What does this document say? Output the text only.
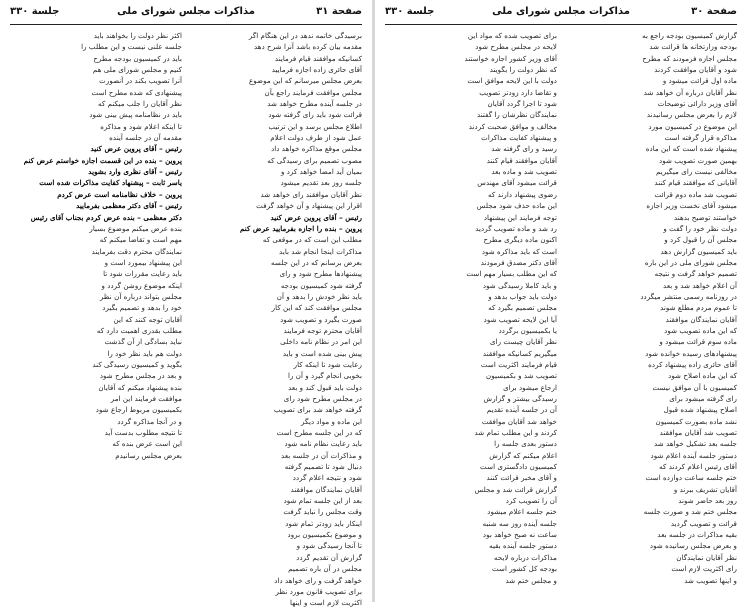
صفحة ٣١
مذاكرات مجلس شورای ملی
جلسة ٣٣٠
برسیدگی خاتمه ندهد در این هنگام اگر
مقدمه بیان کرده باشد آنرا شرح دهد
کسانیکه موافقند قیام فرمایند
آقای حائری زاده اجازه فرمایید
بعرض مجلس میرسانم که این موضوع
مجلس موافقت فرمایند راجع بآن
در جلسه آینده مطرح خواهد شد
قرائت شود باید رای گرفته شود
اطلاع مجلس برسد و این ترتیب
عمل شود از طرف دولت اعلام
مجلس موقع مذاکره خواهد داد
مصوب تصمیم برای رسیدگی که
بمیان آید امضا خواهد کرد و
جلسه روز بعد تقدیم میشود
نظر آقایان موافقند رای خواهد شد
اقرار این پیشنهاد و آن خواهد گرفت
رئیس – آقای پروین عرض کنید
پروین – بنده را اجازه بفرمایید عرض کنم
مطلب این است که در موقعی که
مذاکرات اینجا انجام شد باید
بعرض برسانم که در این جلسه
پیشنهادها مطرح شود و رای
گرفته شود کمیسیون بودجه
باید نظر خودش را بدهد و آن
مجلس موافقت کند که این کار
صورت بگیرد و تصویب شود
آقایان محترم توجه فرمایند
این امر در نظام نامه داخلی
پیش بینی شده است و باید
رعایت شود تا اینکه کار
بخوبی انجام گیرد و آن را
دولت باید قبول کند و بعد
در مجلس مطرح شود رای
گرفته خواهد شد برای تصویب
این ماده و مواد دیگر
که در این جلسه مطرح است
باید رعایت نظام نامه شود
و مذاکرات آن در جلسه بعد
دنبال شود تا تصمیم گرفته
شود و نتیجه اعلام گردد
آقایان نمایندگان موافقند
بعد از این جلسه تمام شود
وقت مجلس را نباید گرفت
اینکار باید زودتر تمام شود
و موضوع بکمیسیون برود
تا آنجا رسیدگی شود و
گزارش آن تقدیم گردد
مجلس در آن باره تصمیم
خواهد گرفت و رای خواهد داد
برای تصویب قانون مورد نظر
اکثریت لازم است و اینها
اکثر نظر دولت را بخواهند باید
جلسه علنی نیست و این مطلب را
باید در کمیسیون بودجه مطرح
کنیم و مجلس شورای ملی هم
آنرا تصویب بکند در آنصورت
پیشنهادی که شده مطرح است
نظر آقایان را جلب میکنم که
باید در نظامنامه پیش بینی شود
تا اینکه اعلام شود و مذاکره
مقدمه آن در جلسه آینده
رئیس – آقای پروین عرض کنید
پروین – بنده در این قسمت اجازه خواستم عرض کنم
رئیس – آقای نظری وارد بشوید
یاسر ثابت – پیشنهاد کفایت مذاکرات شده است
پروین – خلاف نظامنامه است عرض کردم
رئیس – آقای دکتر معظمی بفرمایید
دکتر معظمی – بنده عرض کردم بجناب آقای رئیس
بنده عرض میکنم موضوع بسیار
مهم است و تقاضا میکنم که
نمایندگان محترم دقت بفرمایند
این پیشنهاد بیمورد است و
باید رعایت مقررات شود تا
اینکه موضوع روشن گردد و
مجلس بتواند درباره آن نظر
خود را بدهد و تصمیم بگیرد
آقایان توجه کنند که این
مطلب بقدری اهمیت دارد که
نباید بسادگی از آن گذشت
دولت هم باید نظر خود را
بگوید و کمیسیون رسیدگی کند
و بعد در مجلس مطرح شود
بنده پیشنهاد میکنم که آقایان
موافقت فرمایند این امر
بکمیسیون مربوط ارجاع شود
و در آنجا مذاکره گردد
تا نتیجه مطلوب بدست آید
این است عرض بنده که
بعرض مجلس رسانیدم
صفحة ٣٠
مذاکرات مجلس شورای ملی
جلسة ٣٣٠
گزارش کمیسیون بودجه راجع به
بودجه وزارتخانه ها قرائت شد
مجلس اجازه فرمودند که مطرح
شود و آقایان موافقت کردند
ماده اول قرائت میشود و
نظر آقایان درباره آن خواهد شد
آقای وزیر دارائی توضیحات
لازم را بعرض مجلس رسانیدند
این موضوع در کمیسیون مورد
مذاکره قرار گرفته است
پیشنهاد شده است که این ماده
بهمین صورت تصویب شود
مخالفی نیست رای میگیریم
آقایانی که موافقند قیام کنند
تصویب شد ماده دوم قرائت
میشود آقای نخست وزیر اجازه
خواستند توضیح بدهند
دولت نظر خود را گفت و
مجلس آن را قبول کرد و
باید کمیسیون گزارش دهد
مجلس شورای ملی در این باره
تصمیم خواهد گرفت و نتیجه
آن اعلام خواهد شد و بعد
در روزنامه رسمی منتشر میگردد
تا عموم مردم مطلع شوند
آقایان نمایندگان موافقند
که این ماده تصویب شود
ماده سوم قرائت میشود و
پیشنهادهای رسیده خوانده شود
آقای حائری زاده پیشنهاد کرده
که این ماده اصلاح شود
کمیسیون با آن موافق نیست
رای گرفته میشود برای
اصلاح پیشنهاد شده قبول
نشد ماده بصورت کمیسیون
تصویب شد آقایان موافقند
جلسه بعد تشکیل خواهد شد
دستور جلسه آینده اعلام شود
آقای رئیس اعلام کردند که
ختم جلسه ساعت دوازده است
آقایان تشریف ببرند و
روز بعد حاضر شوند
مجلس ختم شد و صورت جلسه
قرائت و تصویب گردید
بقیه مذاکرات در جلسه بعد
و بعرض مجلس رسانیده شود
نظر آقایان نمایندگان
رای اکثریت لازم است
و اینها تصویب شد
برای تصویب شده که مواد این
لایحه در مجلس مطرح شود
آقای وزیر کشور اجازه خواستند
که نظر دولت را بگویند
دولت با این لایحه موافق است
و تقاضا دارد زودتر تصویب
شود تا اجرا گردد آقایان
نمایندگان نظرشان را گفتند
مخالف و موافق صحبت کردند
و پیشنهاد کفایت مذاکرات
رسید و رای گرفته شد
آقایان موافقند قیام کنند
تصویب شد و ماده بعد
قرائت میشود آقای مهندس
رضوی پیشنهاد دارند که
این ماده حذف شود مجلس
توجه فرمایند این پیشنهاد
رد شد و ماده تصویب گردید
اکنون ماده دیگری مطرح
است که باید مذاکره شود
آقای دکتر مصدق فرمودند
که این مطلب بسیار مهم است
و باید کاملا رسیدگی شود
دولت باید جواب بدهد و
مجلس تصمیم بگیرد که
آیا این لایحه تصویب شود
یا بکمیسیون برگردد
نظر آقایان چیست رای
میگیریم کسانیکه موافقند
قیام فرمایند اکثریت است
تصویب شد و بکمیسیون
ارجاع میشود برای
رسیدگی بیشتر و گزارش
آن در جلسه آینده تقدیم
خواهد شد آقایان موافقت
کردند و این مطلب تمام شد
دستور بعدی جلسه را
اعلام میکنم که گزارش
کمیسیون دادگستری است
و آقای مخبر قرائت کنند
گزارش قرائت شد و مجلس
آن را تصویب کرد
ختم جلسه اعلام میشود
جلسه آینده روز سه شنبه
ساعت نه صبح خواهد بود
دستور جلسه آینده بقیه
مذاکرات درباره لایحه
بودجه کل کشور است
و مجلس ختم شد
